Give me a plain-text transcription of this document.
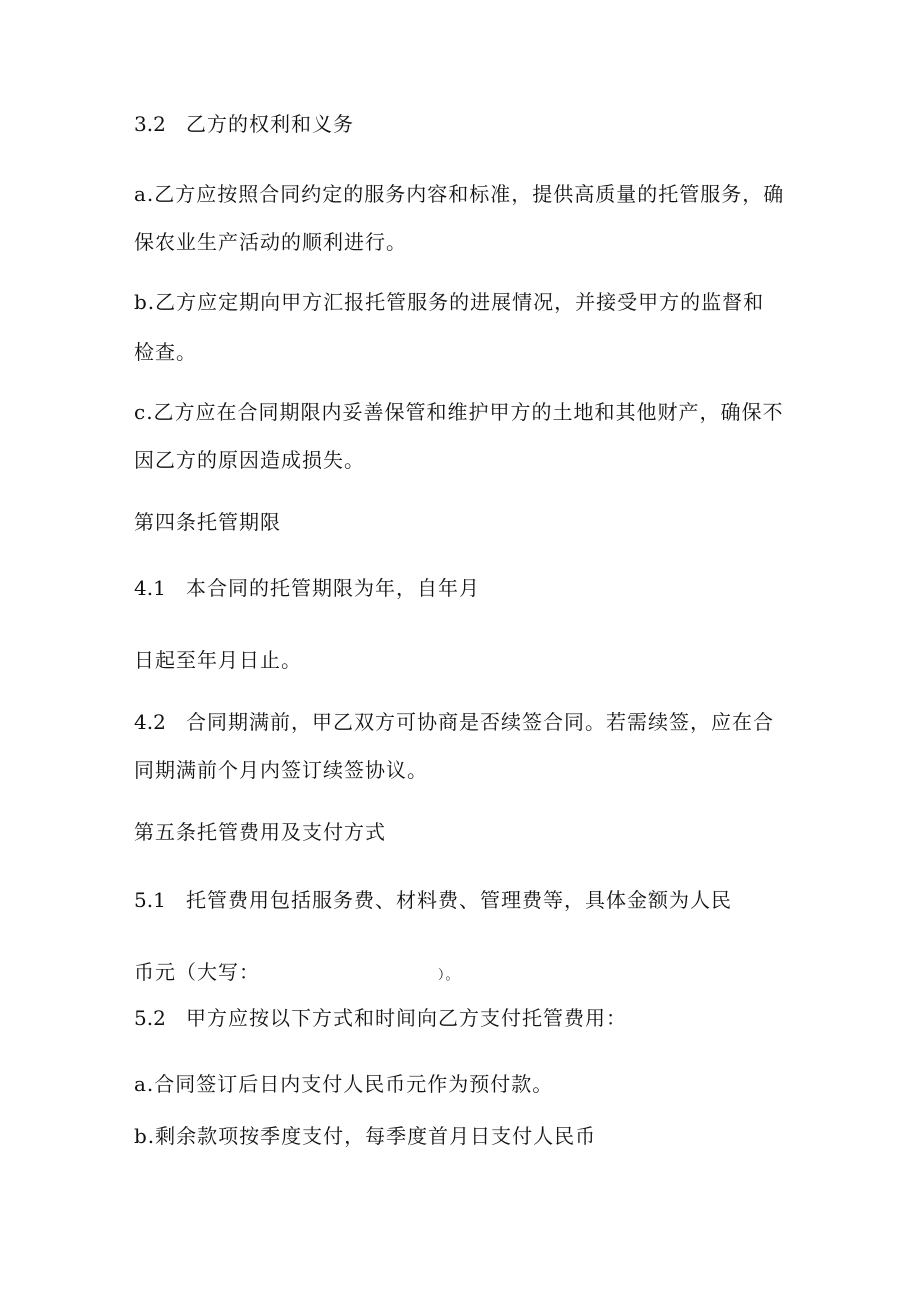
3.2 乙方的权利和义务

a.乙方应按照合同约定的服务内容和标准，提供高质量的托管服务，确

保农业生产活动的顺利进行。

b.乙方应定期向甲方汇报托管服务的进展情况，并接受甲方的监督和

检查。

c.乙方应在合同期限内妥善保管和维护甲方的土地和其他财产，确保不

因乙方的原因造成损失。

第四条托管期限

4.1 本合同的托管期限为年，自年月

日起至年月日止。

4.2 合同期满前，甲乙双方可协商是否续签合同。若需续签，应在合

同期满前个月内签订续签协议。

第五条托管费用及支付方式

5.1 托管费用包括服务费、材料费、管理费等，具体金额为人民

币元（大写：	）。

5.2 甲方应按以下方式和时间向乙方支付托管费用：

a.合同签订后日内支付人民币元作为预付款。

b.剩余款项按季度支付，每季度首月日支付人民币
